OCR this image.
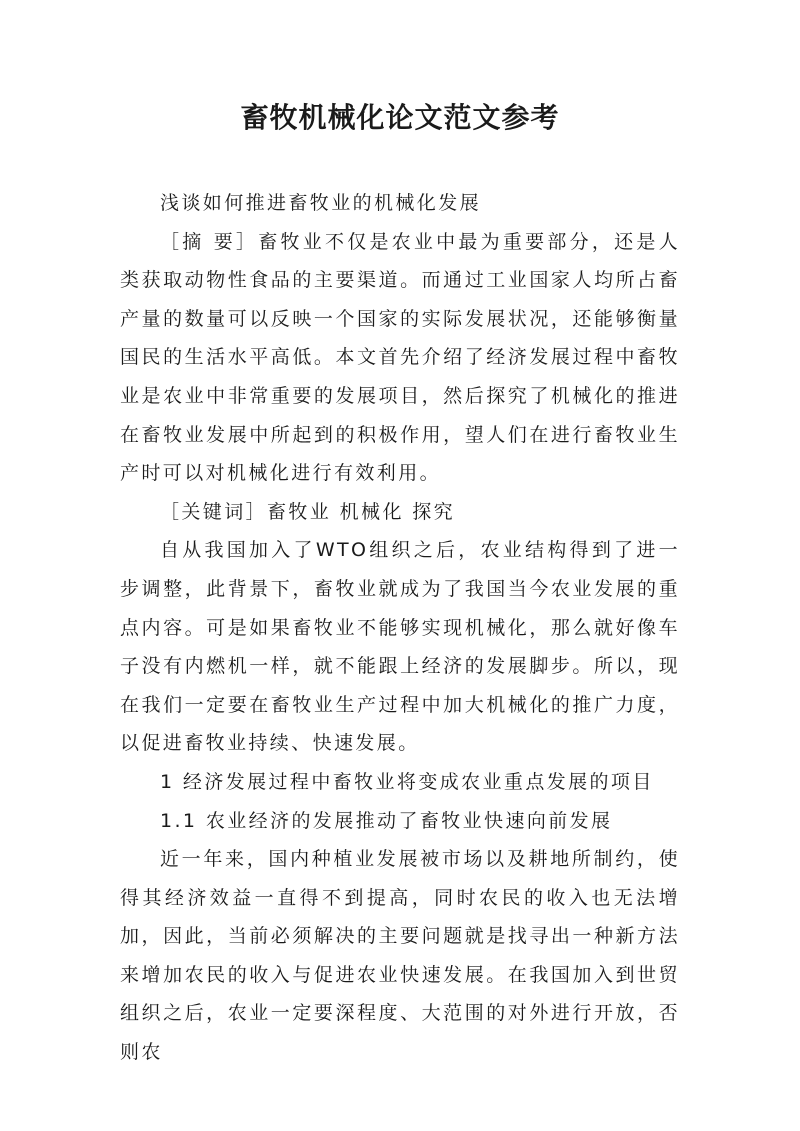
畜牧机械化论文范文参考

浅谈如何推进畜牧业的机械化发展

［摘 要］畜牧业不仅是农业中最为重要部分，还是人类获取动物性食品的主要渠道。而通过工业国家人均所占畜产量的数量可以反映一个国家的实际发展状况，还能够衡量国民的生活水平高低。本文首先介绍了经济发展过程中畜牧业是农业中非常重要的发展项目，然后探究了机械化的推进在畜牧业发展中所起到的积极作用，望人们在进行畜牧业生产时可以对机械化进行有效利用。

［关键词］畜牧业 机械化 探究

自从我国加入了WTO组织之后，农业结构得到了进一步调整，此背景下，畜牧业就成为了我国当今农业发展的重点内容。可是如果畜牧业不能够实现机械化，那么就好像车子没有内燃机一样，就不能跟上经济的发展脚步。所以，现在我们一定要在畜牧业生产过程中加大机械化的推广力度，以促进畜牧业持续、快速发展。

1 经济发展过程中畜牧业将变成农业重点发展的项目

1.1 农业经济的发展推动了畜牧业快速向前发展

近一年来，国内种植业发展被市场以及耕地所制约，使得其经济效益一直得不到提高，同时农民的收入也无法增加，因此，当前必须解决的主要问题就是找寻出一种新方法来增加农民的收入与促进农业快速发展。在我国加入到世贸组织之后，农业一定要深程度、大范围的对外进行开放，否则农
